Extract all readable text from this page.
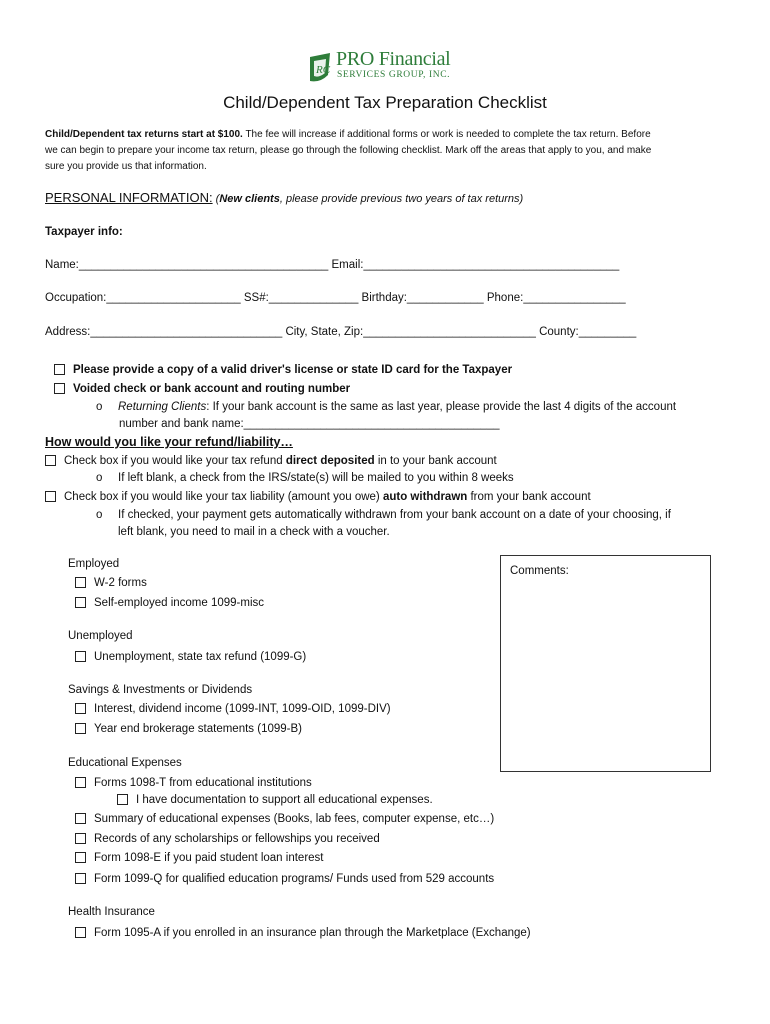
RC PRO Financial
SERVICES GROUP, INC.
Child/Dependent Tax Preparation Checklist
Child/Dependent tax returns start at $100. The fee will increase if additional forms or work is needed to complete the tax return. Before
we can begin to prepare your income tax return, please go through the following checklist. Mark off the areas that apply to you, and make
sure you provide us that information.
PERSONAL INFORMATION: (New clients, please provide previous two years of tax returns)
Taxpayer info:
Name:_______________________________________ Email:________________________________________
Occupation:_____________________ SS#:______________ Birthday:____________ Phone:________________
Address:______________________________ City, State, Zip:___________________________ County:_________
Please provide a copy of a valid driver's license or state ID card for the Taxpayer
Voided check or bank account and routing number
o Returning Clients: If your bank account is the same as last year, please provide the last 4 digits of the account
number and bank name:________________________________________
How would you like your refund/liability…
Check box if you would like your tax refund direct deposited in to your bank account
o If left blank, a check from the IRS/state(s) will be mailed to you within 8 weeks
Check box if you would like your tax liability (amount you owe) auto withdrawn from your bank account
o If checked, your payment gets automatically withdrawn from your bank account on a date of your choosing, if
left blank, you need to mail in a check with a voucher.
Comments:
Employed
W-2 forms
Self-employed income 1099-misc
Unemployed
Unemployment, state tax refund (1099-G)
Savings & Investments or Dividends
Interest, dividend income (1099-INT, 1099-OID, 1099-DIV)
Year end brokerage statements (1099-B)
Educational Expenses
Forms 1098-T from educational institutions
I have documentation to support all educational expenses.
Summary of educational expenses (Books, lab fees, computer expense, etc…)
Records of any scholarships or fellowships you received
Form 1098-E if you paid student loan interest
Form 1099-Q for qualified education programs/ Funds used from 529 accounts
Health Insurance
Form 1095-A if you enrolled in an insurance plan through the Marketplace (Exchange)
